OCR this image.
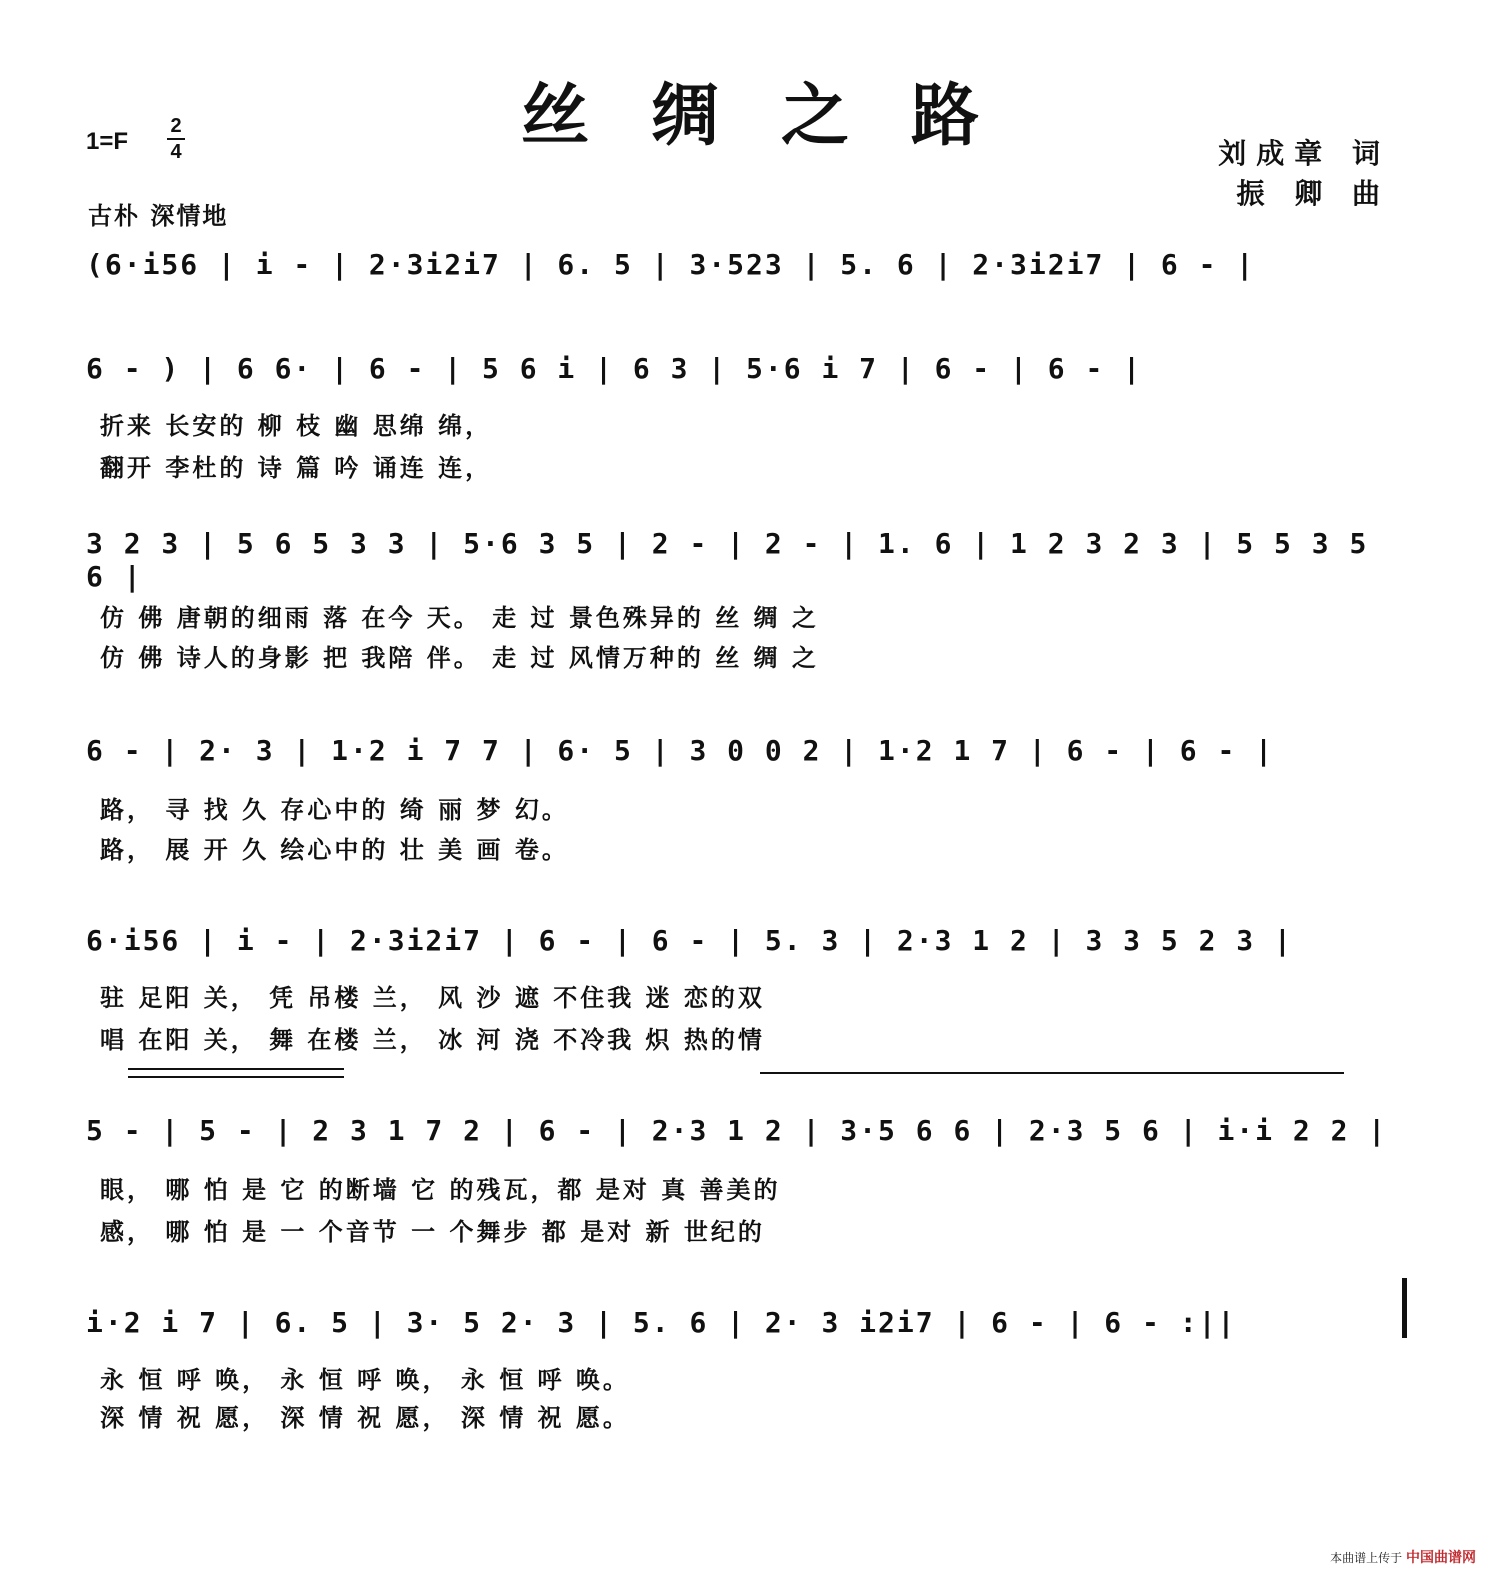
丝绸之路
1=F
2
4
古朴 深情地
刘成章 词
振 卿 曲
(6·i56 | i - | 2·3i2i7 | 6. 5 | 3·523 | 5. 6 | 2·3i2i7 | 6 - |
6 - ) | 6 6· | 6 - | 5 6 i | 6 3 | 5·6 i 7 | 6 - | 6 - |
折来 长安的 柳 枝 幽 思绵 绵，
翻开 李杜的 诗 篇 吟 诵连 连，
3 2 3 | 5 6 5 3 3 | 5·6 3 5 | 2 - | 2 - | 1. 6 | 1 2 3 2 3 | 5 5 3 5 6 |
仿 佛 唐朝的细雨 落 在今 天。 走 过 景色殊异的 丝 绸 之
仿 佛 诗人的身影 把 我陪 伴。 走 过 风情万种的 丝 绸 之
6 - | 2· 3 | 1·2 i 7 7 | 6· 5 | 3 0 0 2 | 1·2 1 7 | 6 - | 6 - |
路， 寻 找 久 存心中的 绮 丽 梦 幻。
路， 展 开 久 绘心中的 壮 美 画 卷。
6·i56 | i - | 2·3i2i7 | 6 - | 6 - | 5. 3 | 2·3 1 2 | 3 3 5 2 3 |
驻 足阳 关， 凭 吊楼 兰， 风 沙 遮 不住我 迷 恋的双
唱 在阳 关， 舞 在楼 兰， 冰 河 浇 不冷我 炽 热的情
5 - | 5 - | 2 3 1 7 2 | 6 - | 2·3 1 2 | 3·5 6 6 | 2·3 5 6 | i·i 2 2 |
眼， 哪 怕 是 它 的断墙 它 的残瓦，都 是对 真 善美的
感， 哪 怕 是 一 个音节 一 个舞步 都 是对 新 世纪的
i·2 i 7 | 6. 5 | 3· 5 2· 3 | 5. 6 | 2· 3 i2i7 | 6 - | 6 - :||
永 恒 呼 唤， 永 恒 呼 唤， 永 恒 呼 唤。
深 情 祝 愿， 深 情 祝 愿， 深 情 祝 愿。
本曲谱上传于 中国曲谱网
